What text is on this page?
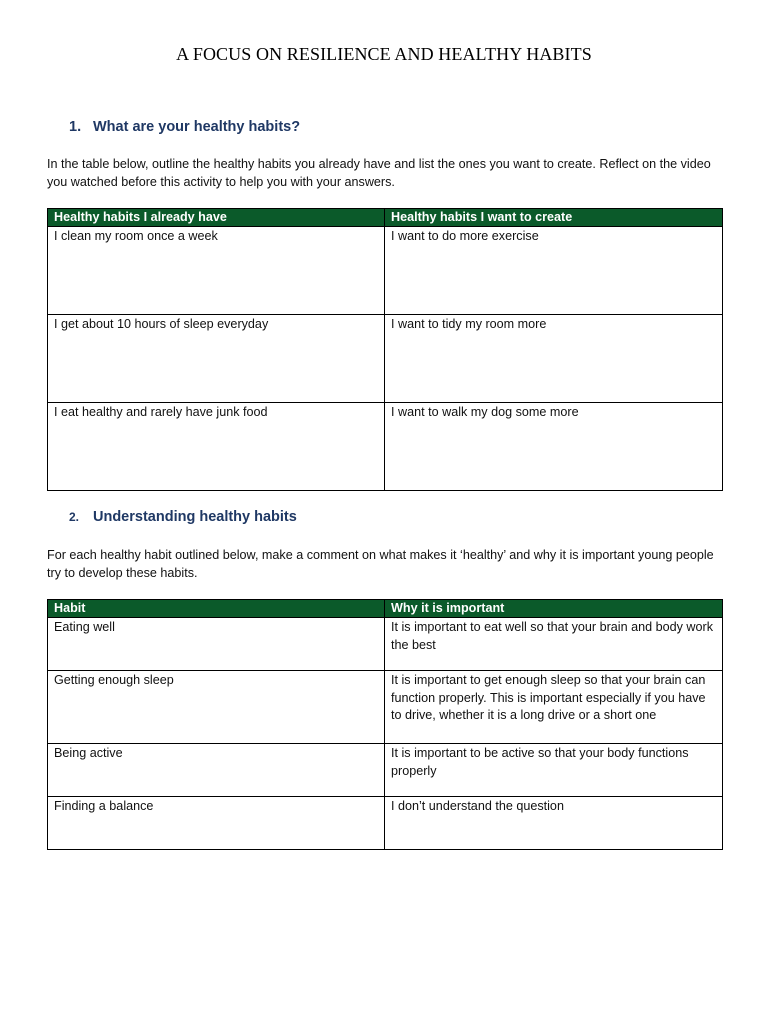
A FOCUS ON RESILIENCE AND HEALTHY HABITS
1. What are your healthy habits?
In the table below, outline the healthy habits you already have and list the ones you want to create. Reflect on the video you watched before this activity to help you with your answers.
Healthy habits I already have	Healthy habits I want to create
I clean my room once a week	I want to do more exercise
I get about 10 hours of sleep everyday	I want to tidy my room more
I eat healthy and rarely have junk food	I want to walk my dog some more
2. Understanding healthy habits
For each healthy habit outlined below, make a comment on what makes it ‘healthy’ and why it is important young people try to develop these habits.
Habit	Why it is important
Eating well	It is important to eat well so that your brain and body work the best
Getting enough sleep	It is important to get enough sleep so that your brain can function properly. This is important especially if you have to drive, whether it is a long drive or a short one
Being active	It is important to be active so that your body functions properly
Finding a balance	I don’t understand the question
